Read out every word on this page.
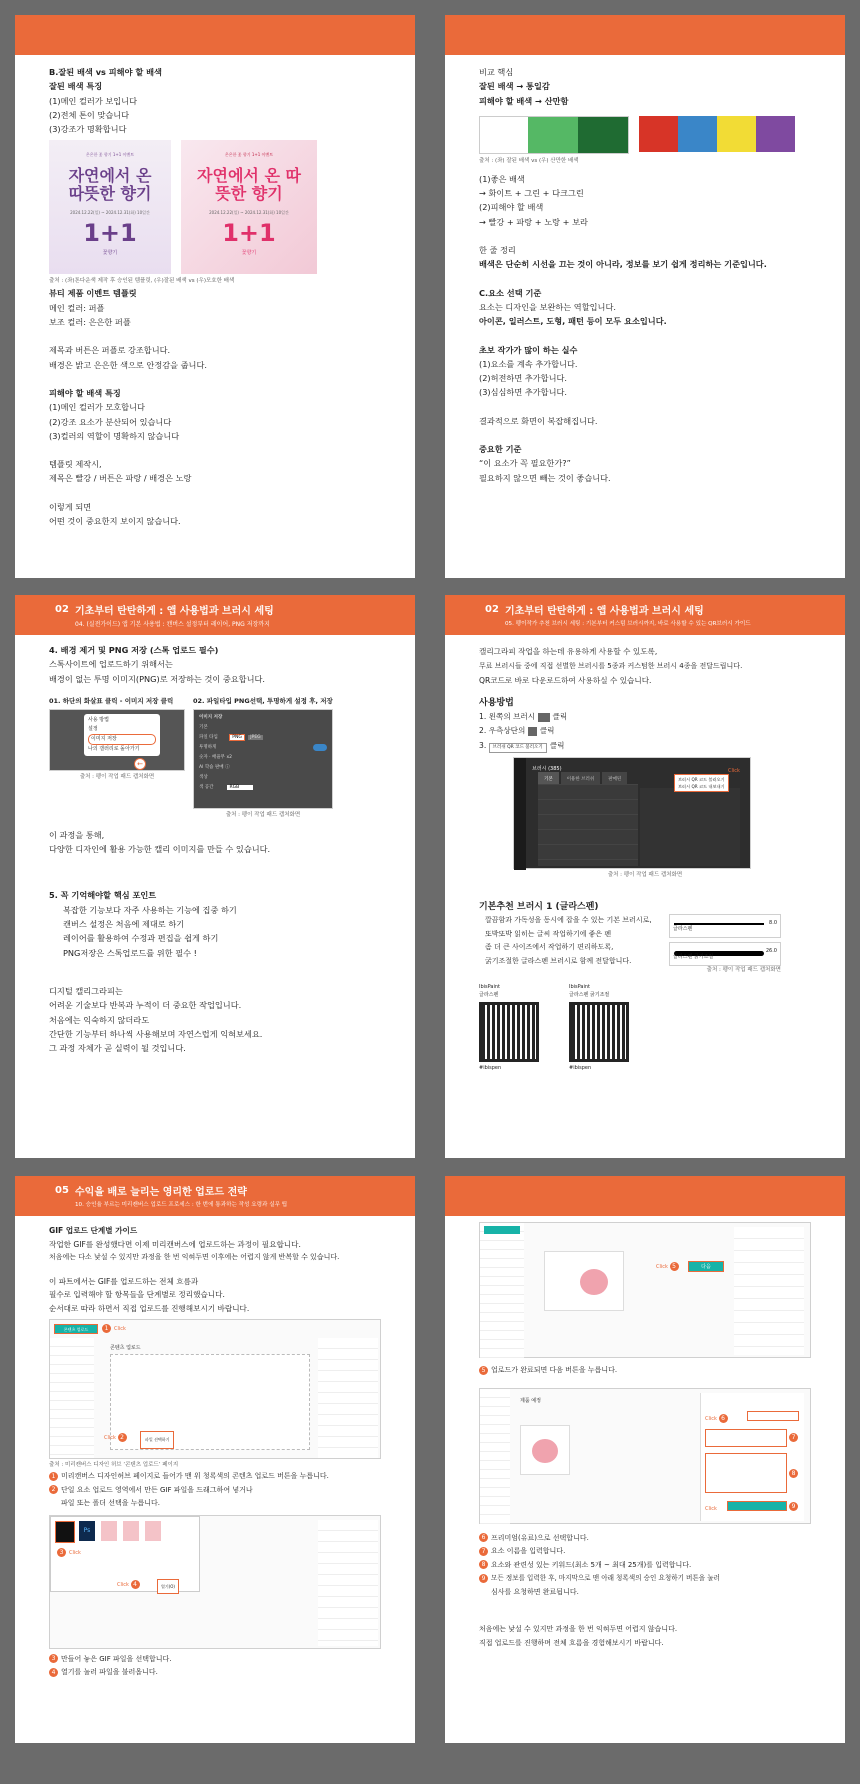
B.잘된 배색 vs 피해야 할 배색
잘된 배색 특징
(1)메인 컬러가 보입니다
(2)전체 톤이 맞습니다
(3)강조가 명확합니다
은은한 꽃 향기 1+1 이벤트
자연에서 온 따뜻한 향기
2024.12.22(일) ~ 2024.12.31(화) 10일간
1+1
꽃향기
은은한 꽃 향기 1+1 이벤트
자연에서 온 따뜻한 향기
2024.12.22(일) ~ 2024.12.31(화) 10일간
1+1
꽃향기
출처 : (좌)톤다운색 제작 후 승인된 템플릿, (우)잘된 배색 vs (우)모호한 배색
뷰티 제품 이벤트 템플릿
메인 컬러: 퍼플
보조 컬러: 은은한 퍼플
제목과 버튼은 퍼플로 강조합니다.
배경은 밝고 은은한 색으로 안정감을 줍니다.
피해야 할 배색 특징
(1)메인 컬러가 모호합니다
(2)강조 요소가 분산되어 있습니다
(3)컬러의 역할이 명확하지 않습니다
템플릿 제작시,
제목은 빨강 / 버튼은 파랑 / 배경은 노랑
이렇게 되면
어떤 것이 중요한지 보이지 않습니다.
비교 핵심
잘된 배색 → 통일감
피해야 할 배색 → 산만함
출처 : (좌) 잘된 배색 vs (우) 산만한 배색
(1)좋은 배색
→ 화이트 + 그린 + 다크그린
(2)피해야 할 배색
→ 빨강 + 파랑 + 노랑 + 보라
한 줄 정리
배색은 단순히 시선을 끄는 것이 아니라, 정보를 보기 쉽게 정리하는 기준입니다.
C.요소 선택 기준
요소는 디자인을 보완하는 역할입니다.
아이콘, 일러스트, 도형, 패턴 등이 모두 요소입니다.
초보 작가가 많이 하는 실수
(1)요소를 계속 추가합니다.
(2)허전하면 추가합니다.
(3)심심하면 추가합니다.
결과적으로 화면이 복잡해집니다.
중요한 기준
“이 요소가 꼭 필요한가?”
필요하지 않으면 빼는 것이 좋습니다.
02 기초부터 탄탄하게 : 앱 사용법과 브러시 세팅
04. (실전가이드) 앱 기본 사용법 : 캔버스 설정부터 레이어, PNG 저장까지
4. 배경 제거 및 PNG 저장 (스톡 업로드 필수)
스톡사이트에 업로드하기 위해서는
배경이 없는 투명 이미지(PNG)로 저장하는 것이 중요합니다.
01. 하단의 화살표 클릭 - 이미지 저장 클릭
사용 방법
설정
이미지 저장
나의 갤러리로 돌아가기
←
출처 : 펭이 작업 패드 캡처화면
02. 파일타입 PNG선택, 투명하게 설정 후, 저장
이미지 저장
기본
파일 타입	PNG JPEG
투명하게
숫자 · 배율무 x2
AI 학습 판매 ⓘ
색상
색 공간	RGB
출처 : 펭이 작업 패드 캡처화면
이 과정을 통해,
다양한 디자인에 활용 가능한 캘리 이미지를 만들 수 있습니다.
5. 꼭 기억해야할 핵심 포인트
• 복잡한 기능보다 자주 사용하는 기능에 집중 하기
• 캔버스 설정은 처음에 제대로 하기
• 레이어를 활용하여 수정과 편집을 쉽게 하기
• PNG저장은 스톡업로드를 위한 필수 !
디지털 캘리그라피는
어려운 기술보다 반복과 누적이 더 중요한 작업입니다.
처음에는 익숙하지 않더라도
간단한 기능부터 하나씩 사용해보며 자연스럽게 익혀보세요.
그 과정 자체가 곧 실력이 될 것입니다.
02 기초부터 탄탄하게 : 앱 사용법과 브러시 세팅
05. 펭이작가 추천 브러시 세팅 : 기본부터 커스텀 브러시까지, 바로 사용할 수 있는 QR브러시 가이드
캘리그라피 작업을 하는데 유용하게 사용할 수 있도록,
무료 브러시들 중에 직접 선별한 브러시를 5종과 커스텀한 브러시 4종을 전달드립니다.
QR코드로 바로 다운로드하여 사용하실 수 있습니다.
사용방법
1. 왼쪽의 브러시 클릭
2. 우측상단의 클릭
3. 브러쉬 QR 코드 불러오기 클릭
브러시 (385)
기본	이용한 브러쉬	판매된
Click
브러시 QR 코드 불러오기
브러시 QR 코드 내보내기
출처 : 펭이 작업 패드 캡처화면
기본추천 브러시 1 (글라스펜)
깔끔함과 가독성을 동시에 잡을 수 있는 기본 브러시로,
또박또박 읽히는 글씨 작업하기에 좋은 펜
좀 더 큰 사이즈에서 작업하기 편리하도록,
굵기조절한 글라스펜 브러시로 함께 전달합니다.
8.0
글라스펜
26.0
글라스펜 굵기조절
출처 : 펭이 작업 패드 캡처화면
IbisPaint
글라스펜
#ibispen
IbisPaint
글라스펜 굵기조절
#ibispen
05 수익을 배로 늘리는 영리한 업로드 전략
10. 승인율 부르는 미리캔버스 업로드 프로세스 : 한 번에 통과하는 작성 요령과 실무 팁
GIF 업로드 단계별 가이드
작업한 GIF를 완성했다면 이제 미리캔버스에 업로드하는 과정이 필요합니다.
처음에는 다소 낯설 수 있지만 과정을 한 번 익혀두면 이후에는 어렵지 않게 반복할 수 있습니다.
이 파트에서는 GIF를 업로드하는 전체 흐름과
필수로 입력해야 할 항목들을 단계별로 정리했습니다.
순서대로 따라 하면서 직접 업로드를 진행해보시기 바랍니다.
콘텐츠 업로드	1 Click
콘텐츠 업로드
Click 2	파일 선택하기
출처 : 미리캔버스 디자인 허브 ‘콘텐츠 업로드’ 페이지
1 미리캔버스 디자인허브 페이지로 들어가 맨 위 청록색의 콘텐츠 업로드 버튼을 누릅니다.
2 단일 요소 업로드 영역에서 만든 GIF 파일을 드래그하여 넣거나
파일 또는 폴더 선택을 누릅니다.
Ps
3 Click
Click 4	열기(O)
3 만들어 놓은 GIF 파일을 선택합니다.
4 열기를 눌러 파일을 불러옵니다.
Click 5	다음
5 업로드가 완료되면 다음 버튼을 누릅니다.
제품 예정
Click 6
7
8
Click	9
6 프리미엄(유료)으로 선택합니다.
7 요소 이름을 입력합니다.
8 요소와 관련성 있는 키워드(최소 5개 ~ 최대 25개)를 입력합니다.
9 모든 정보를 입력한 후, 마지막으로 맨 아래 청록색의 승인 요청하기 버튼을 눌러
심사를 요청하면 완료됩니다.
처음에는 낯설 수 있지만 과정을 한 번 익혀두면 어렵지 않습니다.
직접 업로드를 진행하며 전체 흐름을 경험해보시기 바랍니다.
